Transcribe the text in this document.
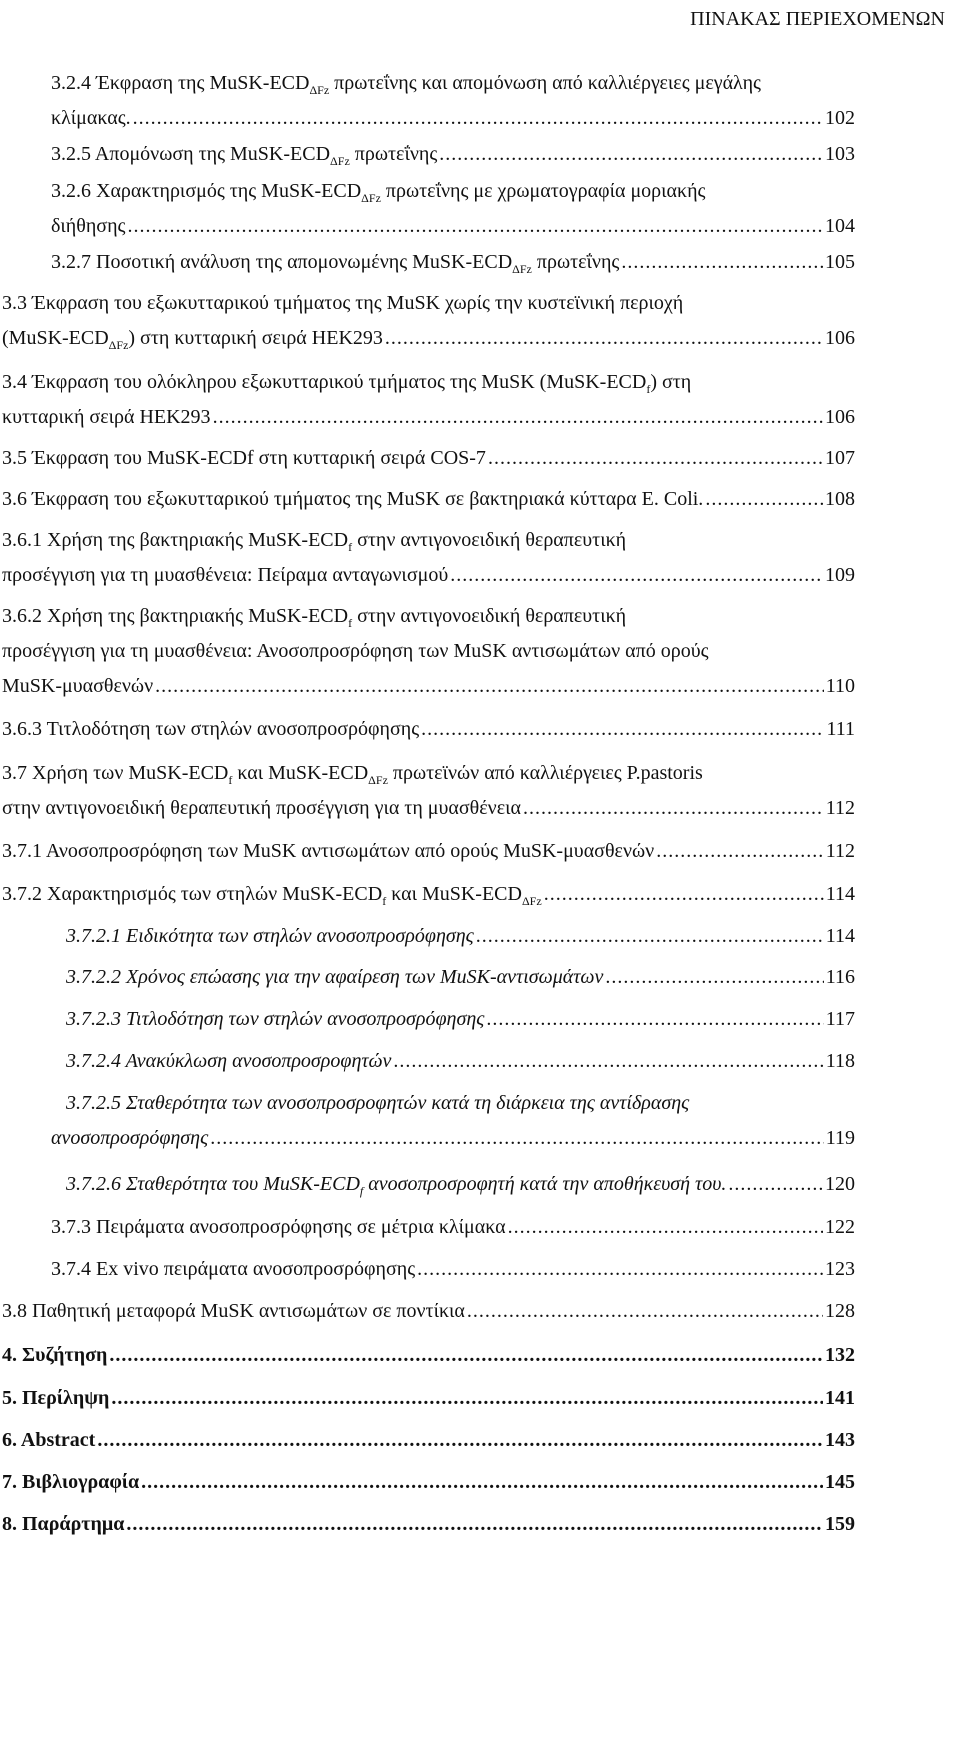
ΠΙΝΑΚΑΣ ΠΕΡΙΕΧΟΜΕΝΩΝ
3.2.4 Έκφραση της MuSK-$ECD_{\Delta Fz}$ πρωτεΐνης και απομόνωση από καλλιέργειες μεγάλης
κλίμακας. .....	102
3.2.5 Απομόνωση της MuSK-$ECD_{\Delta Fz}$ πρωτεΐνης .....	103
3.2.6 Χαρακτηρισμός της MuSK-$ECD_{\Delta Fz}$ πρωτεΐνης με χρωματογραφία μοριακής
διήθησης .....	104
3.2.7 Ποσοτική ανάλυση της απομονωμένης MuSK-$ECD_{\Delta Fz}$ πρωτεΐνης .....	105
3.3 Έκφραση του εξωκυτταρικού τμήματος της MuSK χωρίς την κυστεϊνική περιοχή
$(MuSK-ECD_{\Delta Fz})$ στη κυτταρική σειρά HEK293 .....	106
3.4 Έκφραση του ολόκληρου εξωκυτταρικού τμήματος της MuSK $(MuSK-ECD_f)$ στη
κυτταρική σειρά HEK293 .....	106
3.5 Έκφραση του MuSK-ECDf στη κυτταρική σειρά COS-7 .....	107
3.6 Έκφραση του εξωκυτταρικού τμήματος της MuSK σε βακτηριακά κύτταρα E. Coli. .....	108
3.6.1 Χρήση της βακτηριακής MuSK-$ECD_f$ στην αντιγονοειδική θεραπευτική
προσέγγιση για τη μυασθένεια: Πείραμα ανταγωνισμού .....	109
3.6.2 Χρήση της βακτηριακής MuSK-$ECD_f$ στην αντιγονοειδική θεραπευτική
προσέγγιση για τη μυασθένεια: Ανοσοπροσρόφηση των MuSK αντισωμάτων από ορούς
MuSK-μυασθενών .....	110
3.6.3 Τιτλοδότηση των στηλών ανοσοπροσρόφησης .....	111
3.7 Χρήση των MuSK-$ECD_f$ και MuSK-$ECD_{\Delta Fz}$ πρωτεϊνών από καλλιέργειες P.pastoris
στην αντιγονοειδική θεραπευτική προσέγγιση για τη μυασθένεια .....	112
3.7.1 Ανοσοπροσρόφηση των MuSK αντισωμάτων από ορούς MuSK-μυασθενών .....	112
3.7.2 Χαρακτηρισμός των στηλών MuSK-$ECD_f$ και MuSK-$ECD_{\Delta Fz}$ .....	114
3.7.2.1 Ειδικότητα των στηλών ανοσοπροσρόφησης .....	114
3.7.2.2 Χρόνος επώασης για την αφαίρεση των MuSK-αντισωμάτων .....	116
3.7.2.3 Τιτλοδότηση των στηλών ανοσοπροσρόφησης .....	117
3.7.2.4 Ανακύκλωση ανοσοπροσροφητών .....	118
3.7.2.5 Σταθερότητα των ανοσοπροσροφητών κατά τη διάρκεια της αντίδρασης
ανοσοπροσρόφησης .....	119
3.7.2.6 Σταθερότητα του MuSK-$ECD_f$ ανοσοπροσροφητή κατά την αποθήκευσή του. .....	120
3.7.3 Πειράματα ανοσοπροσρόφησης σε μέτρια κλίμακα .....	122
3.7.4 Ex vivo πειράματα ανοσοπροσρόφησης .....	123
3.8 Παθητική μεταφορά MuSK αντισωμάτων σε ποντίκια .....	128
4. Συζήτηση .....	132
5. Περίληψη .....	141
6. Abstract .....	143
7. Βιβλιογραφία .....	145
8. Παράρτημα .....	159
